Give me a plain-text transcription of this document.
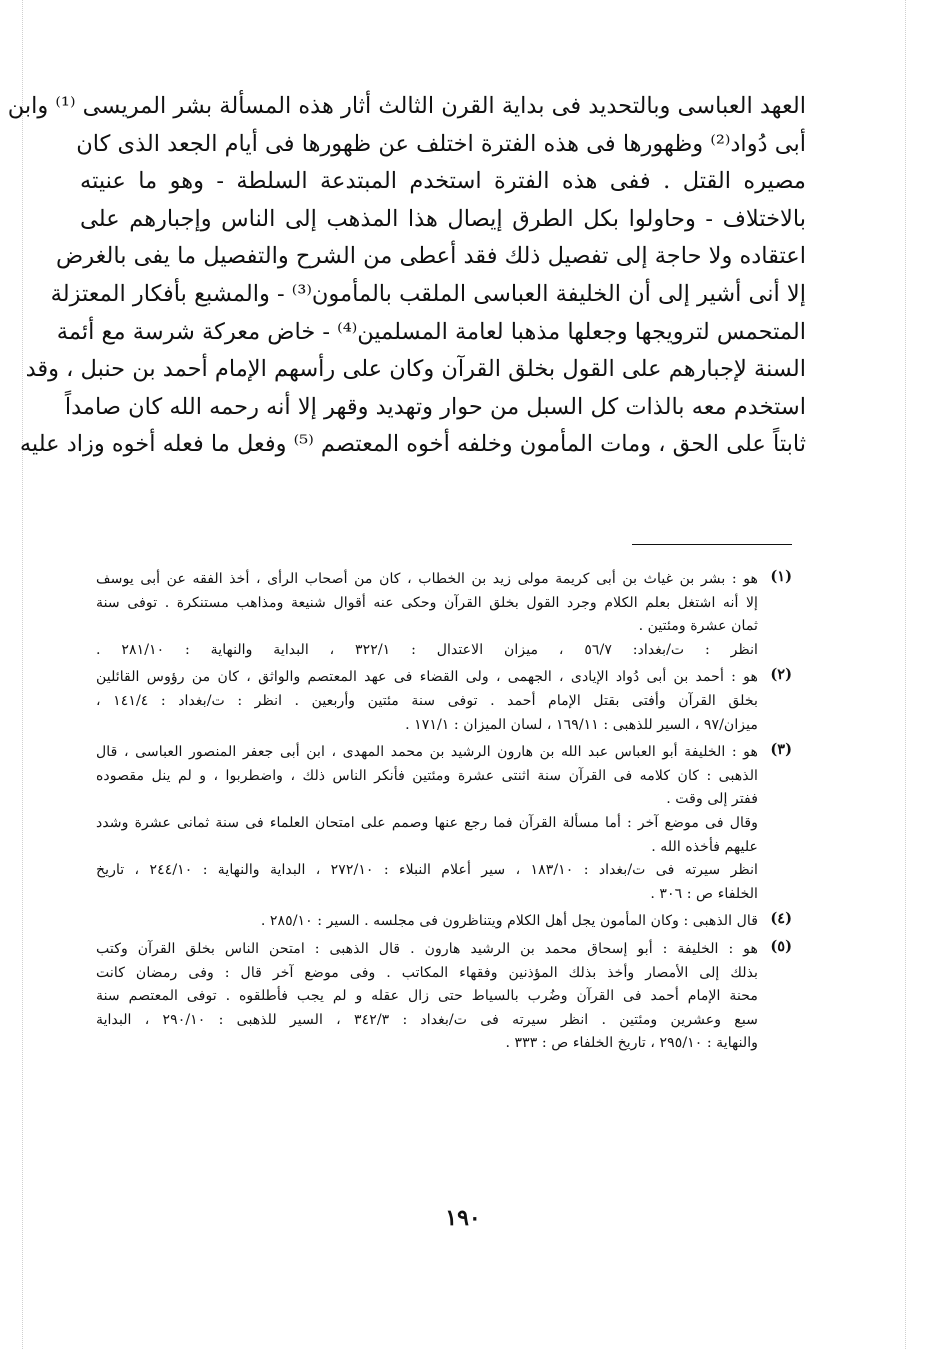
العهد العباسى وبالتحديد فى بداية القرن الثالث أثار هذه المسألة بشر المريسى ⁽¹⁾ وابن
أبى دُواد⁽²⁾ وظهورها فى هذه الفترة اختلف عن ظهورها فى أيام الجعد الذى كان
مصيره القتل . ففى هذه الفترة استخدم المبتدعة السلطة - وهو ما عنيته
بالاختلاف - وحاولوا بكل الطرق إيصال هذا المذهب إلى الناس وإجبارهم على
اعتقاده ولا حاجة إلى تفصيل ذلك فقد أعطى من الشرح والتفصيل ما يفى بالغرض
إلا أنى أشير إلى أن الخليفة العباسى الملقب بالمأمون⁽³⁾ - والمشبع بأفكار المعتزلة
المتحمس لترويجها وجعلها مذهبا لعامة المسلمين⁽⁴⁾ - خاض معركة شرسة مع أئمة
السنة لإجبارهم على القول بخلق القرآن وكان على رأسهم الإمام أحمد بن حنبل ، وقد
استخدم معه بالذات كل السبل من حوار وتهديد وقهر إلا أنه رحمه الله كان صامداً
ثابتاً على الحق ، ومات المأمون وخلفه أخوه المعتصم ⁽⁵⁾ وفعل ما فعله أخوه وزاد عليه
(١)
هو : بشر بن غياث بن أبى كريمة مولى زيد بن الخطاب ، كان من أصحاب الرأى ، أخذ الفقه عن أبى يوسف
إلا أنه اشتغل بعلم الكلام وجرد القول بخلق القرآن وحكى عنه أقوال شنيعة ومذاهب مستنكرة . توفى سنة
ثمان عشرة ومئتين .
انظر : ت/بغداد: ٥٦/٧ ، ميزان الاعتدال : ٣٢٢/١ ، البداية والنهاية : ٢٨١/١٠ .
(٢)
هو : أحمد بن أبى دُواد الإيادى ، الجهمى ، ولى القضاء فى عهد المعتصم والواثق ، كان من رؤوس القائلين
بخلق القرآن وأفتى بقتل الإمام أحمد . توفى سنة مئتين وأربعين . انظر : ت/بغداد : ١٤١/٤ ،
ميزان/٩٧ ، السير للذهبى : ١٦٩/١١ ، لسان الميزان : ١٧١/١ .
(٣)
هو : الخليفة أبو العباس عبد الله بن هارون الرشيد بن محمد المهدى ، ابن أبى جعفر المنصور العباسى ، قال
الذهبى : كان كلامه فى القرآن سنة اثنتى عشرة ومئتين فأنكر الناس ذلك ، واضطربوا ، و لم ينل مقصوده
ففتر إلى وقت .
وقال فى موضع آخر : أما مسألة القرآن فما رجع عنها وصمم على امتحان العلماء فى سنة ثمانى عشرة وشدد
عليهم فأخذه الله .
انظر سيرته فى ت/بغداد : ١٨٣/١٠ ، سير أعلام النبلاء : ٢٧٢/١٠ ، البداية والنهاية : ٢٤٤/١٠ ، تاريخ
الخلفاء ص : ٣٠٦ .
(٤)
قال الذهبى : وكان المأمون يجل أهل الكلام ويتناظرون فى مجلسه . السير : ٢٨٥/١٠ .
(٥)
هو : الخليفة : أبو إسحاق محمد بن الرشيد هارون . قال الذهبى : امتحن الناس بخلق القرآن وكتب
بذلك إلى الأمصار وأخذ بذلك المؤذنين وفقهاء المكاتب . وفى موضع آخر قال : وفى رمضان كانت
محنة الإمام أحمد فى القرآن وضُرب بالسياط حتى زال عقله و لم يجب فأطلقوه . توفى المعتصم سنة
سبع وعشرين ومئتين . انظر سيرته فى ت/بغداد : ٣٤٢/٣ ، السير للذهبى : ٢٩٠/١٠ ، البداية
والنهاية : ٢٩٥/١٠ ، تاريخ الخلفاء ص : ٣٣٣ .
١٩٠
